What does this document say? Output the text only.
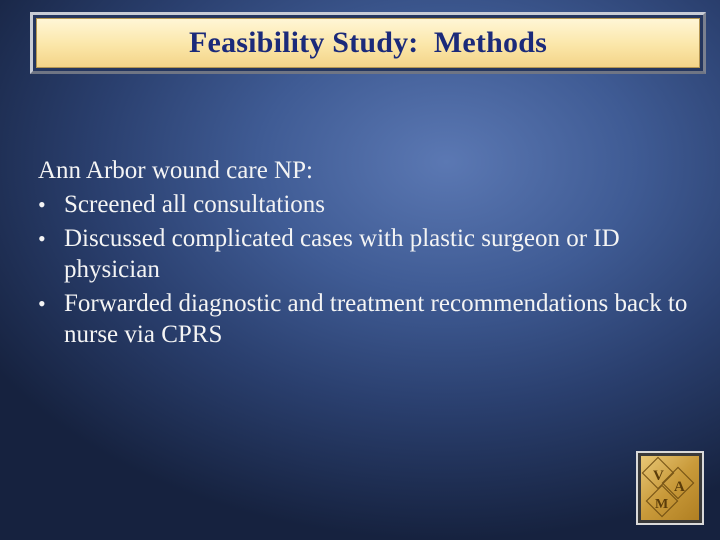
Feasibility Study:  Methods

Ann Arbor wound care NP:

• Screened all consultations
• Discussed complicated cases with plastic surgeon or ID physician
• Forwarded diagnostic and treatment recommendations back to nurse via CPRS
V
A
M
